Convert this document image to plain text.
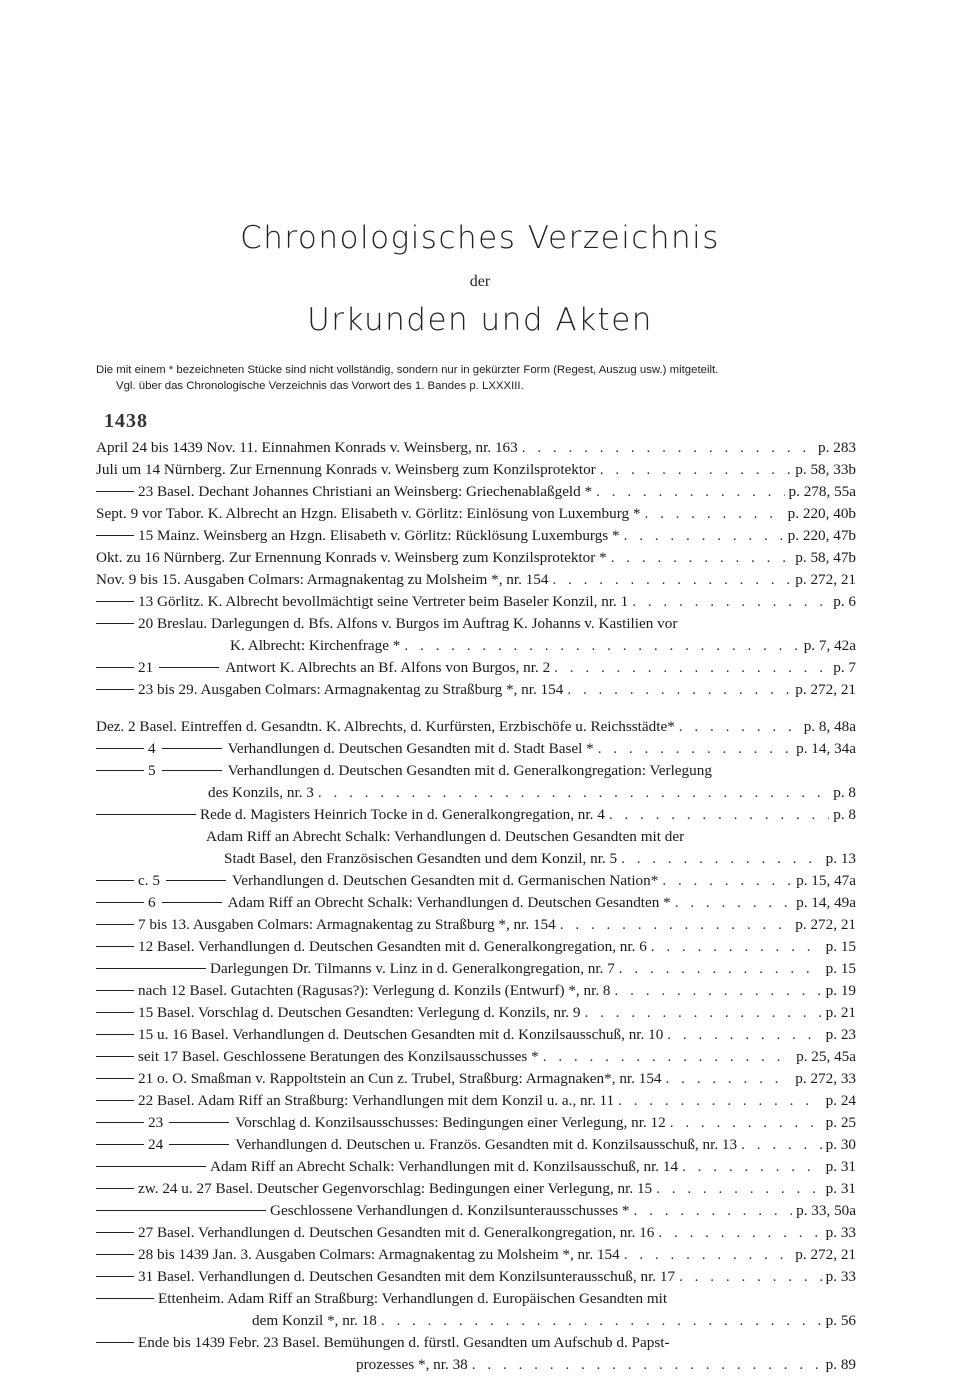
Chronologisches Verzeichnis
der
Urkunden und Akten
Die mit einem * bezeichneten Stücke sind nicht vollständig, sondern nur in gekürzter Form (Regest, Auszug usw.) mitgeteilt.
Vgl. über das Chronologische Verzeichnis das Vorwort des 1. Bandes p. LXXXIII.
1438
April 24 bis 1439 Nov. 11. Einnahmen Konrads v. Weinsberg, nr. 163 . . .	p. 283
Juli um 14 Nürnberg. Zur Ernennung Konrads v. Weinsberg zum Konzilsprotektor . . .	p. 58, 33b
23 Basel. Dechant Johannes Christiani an Weinsberg: Griechenablaßgeld * . . .	p. 278, 55a
Sept. 9 vor Tabor. K. Albrecht an Hzgn. Elisabeth v. Görlitz: Einlösung von Luxemburg * . . .	p. 220, 40b
15 Mainz. Weinsberg an Hzgn. Elisabeth v. Görlitz: Rücklösung Luxemburgs * . . .	p. 220, 47b
Okt. zu 16 Nürnberg. Zur Ernennung Konrads v. Weinsberg zum Konzilsprotektor * . . .	p. 58, 47b
Nov. 9 bis 15. Ausgaben Colmars: Armagnakentag zu Molsheim *, nr. 154 . . .	p. 272, 21
13 Görlitz. K. Albrecht bevollmächtigt seine Vertreter beim Baseler Konzil, nr. 1 . . .	p. 6
20 Breslau. Darlegungen d. Bfs. Alfons v. Burgos im Auftrag K. Johanns v. Kastilien vor
K. Albrecht: Kirchenfrage * . . .	p. 7, 42a
21	Antwort K. Albrechts an Bf. Alfons von Burgos, nr. 2 . . .	p. 7
23 bis 29. Ausgaben Colmars: Armagnakentag zu Straßburg *, nr. 154 . . .	p. 272, 21
Dez. 2 Basel. Eintreffen d. Gesandtn. K. Albrechts, d. Kurfürsten, Erzbischöfe u. Reichsstädte* . . .	p. 8, 48a
4	Verhandlungen d. Deutschen Gesandten mit d. Stadt Basel * . . .	p. 14, 34a
5	Verhandlungen d. Deutschen Gesandten mit d. Generalkongregation: Verlegung
des Konzils, nr. 3 . . .	p. 8
Rede d. Magisters Heinrich Tocke in d. Generalkongregation, nr. 4 . . .	p. 8
Adam Riff an Abrecht Schalk: Verhandlungen d. Deutschen Gesandten mit der
Stadt Basel, den Französischen Gesandten und dem Konzil, nr. 5 . . .	p. 13
c. 5	Verhandlungen d. Deutschen Gesandten mit d. Germanischen Nation* . . .	p. 15, 47a
6	Adam Riff an Obrecht Schalk: Verhandlungen d. Deutschen Gesandten * . . .	p. 14, 49a
7 bis 13. Ausgaben Colmars: Armagnakentag zu Straßburg *, nr. 154 . . .	p. 272, 21
12 Basel. Verhandlungen d. Deutschen Gesandten mit d. Generalkongregation, nr. 6 . . .	p. 15
Darlegungen Dr. Tilmanns v. Linz in d. Generalkongregation, nr. 7 . . .	p. 15
nach 12 Basel. Gutachten (Ragusas?): Verlegung d. Konzils (Entwurf) *, nr. 8 . . .	p. 19
15 Basel. Vorschlag d. Deutschen Gesandten: Verlegung d. Konzils, nr. 9 . . .	p. 21
15 u. 16 Basel. Verhandlungen d. Deutschen Gesandten mit d. Konzilsausschuß, nr. 10 . . .	p. 23
seit 17 Basel. Geschlossene Beratungen des Konzilsausschusses * . . .	p. 25, 45a
21 o. O. Smaßman v. Rappoltstein an Cun z. Trubel, Straßburg: Armagnaken*, nr. 154 . . .	p. 272, 33
22 Basel. Adam Riff an Straßburg: Verhandlungen mit dem Konzil u. a., nr. 11 . . .	p. 24
23	Vorschlag d. Konzilsausschusses: Bedingungen einer Verlegung, nr. 12 . . .	p. 25
24	Verhandlungen d. Deutschen u. Französ. Gesandten mit d. Konzilsausschuß, nr. 13 . . .	p. 30
Adam Riff an Abrecht Schalk: Verhandlungen mit d. Konzilsausschuß, nr. 14 . . .	p. 31
zw. 24 u. 27 Basel. Deutscher Gegenvorschlag: Bedingungen einer Verlegung, nr. 15 . . .	p. 31
Geschlossene Verhandlungen d. Konzilsunterausschusses * . . .	p. 33, 50a
27 Basel. Verhandlungen d. Deutschen Gesandten mit d. Generalkongregation, nr. 16 . . .	p. 33
28 bis 1439 Jan. 3. Ausgaben Colmars: Armagnakentag zu Molsheim *, nr. 154 . . .	p. 272, 21
31 Basel. Verhandlungen d. Deutschen Gesandten mit dem Konzilsunterausschuß, nr. 17 . . .	p. 33
Ettenheim. Adam Riff an Straßburg: Verhandlungen d. Europäischen Gesandten mit
dem Konzil *, nr. 18 . . .	p. 56
Ende bis 1439 Febr. 23 Basel. Bemühungen d. fürstl. Gesandten um Aufschub d. Papst-
prozesses *, nr. 38 . . .	p. 89
